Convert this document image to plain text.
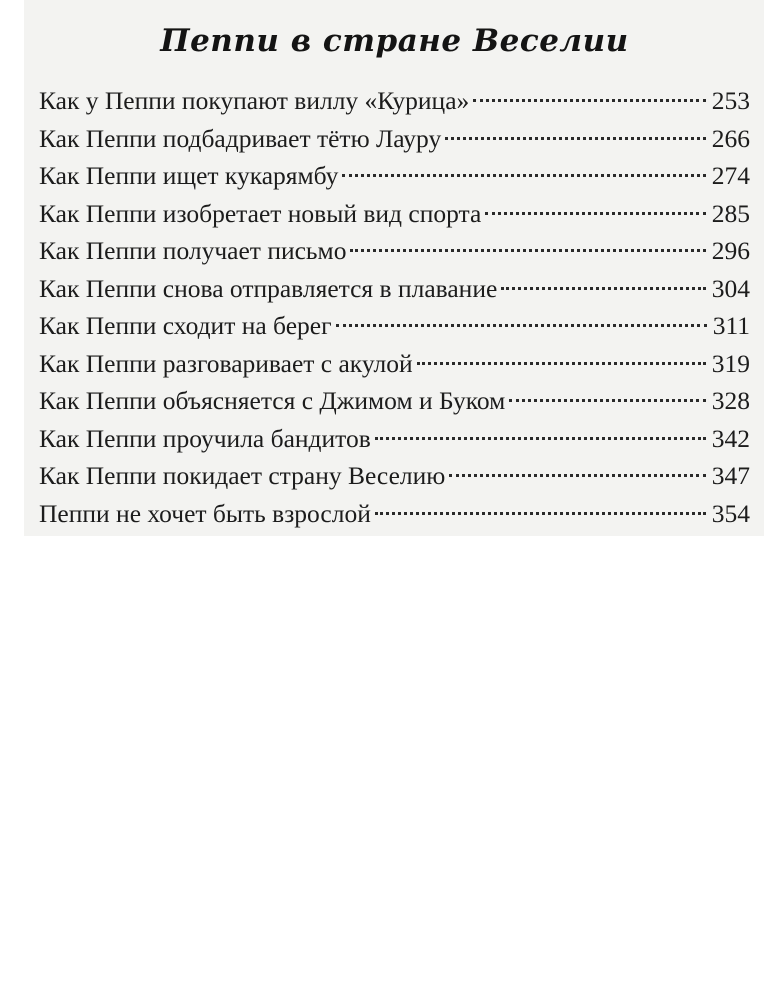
Пеппи в стране Веселии
Как у Пеппи покупают виллу «Курица»	253
Как Пеппи подбадривает тётю Лауру	266
Как Пеппи ищет кукарямбу	274
Как Пеппи изобретает новый вид спорта	285
Как Пеппи получает письмо	296
Как Пеппи снова отправляется в плавание	304
Как Пеппи сходит на берег	311
Как Пеппи разговаривает с акулой	319
Как Пеппи объясняется с Джимом и Буком	328
Как Пеппи проучила бандитов	342
Как Пеппи покидает страну Веселию	347
Пеппи не хочет быть взрослой	354
